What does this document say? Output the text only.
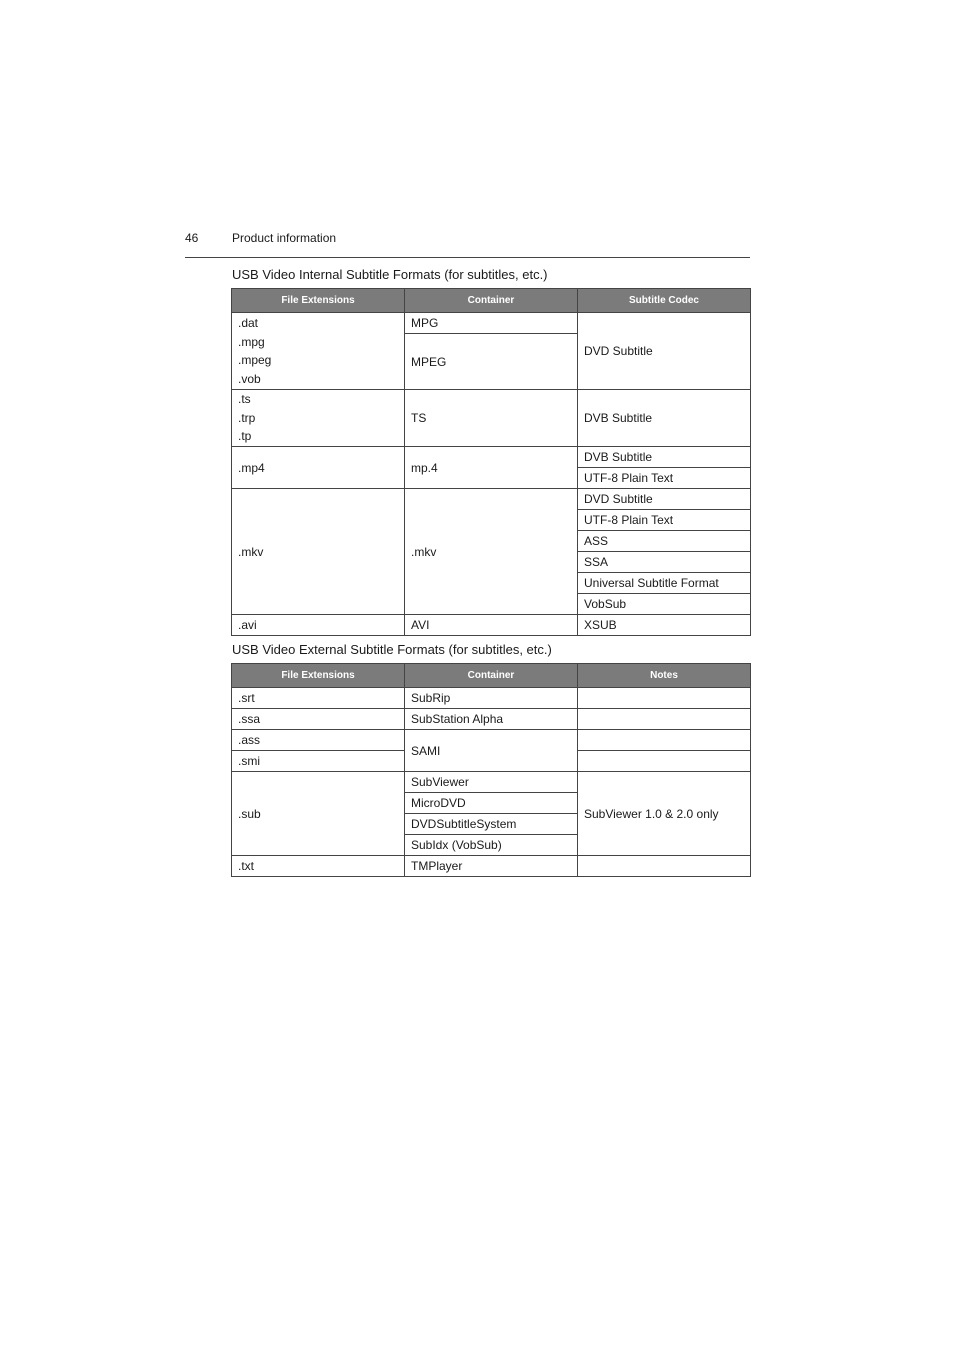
46	Product information
USB Video Internal Subtitle Formats (for subtitles, etc.)
File Extensions	Container	Subtitle Codec

.dat
.mpg
.mpeg
.vob	MPG	DVD Subtitle
	MPEG	

.ts
.trp
.tp	TS	DVB Subtitle
.mp4	mp.4	DVB Subtitle
		UTF-8 Plain Text
.mkv	.mkv	DVD Subtitle
		UTF-8 Plain Text
		ASS
		SSA
		Universal Subtitle Format
		VobSub
.avi	AVI	XSUB
USB Video External Subtitle Formats (for subtitles, etc.)
File Extensions	Container	Notes
.srt	SubRip	
.ssa	SubStation Alpha	
.ass	SAMI	
.smi		
.sub	SubViewer	SubViewer 1.0 & 2.0 only
	MicroDVD	
	DVDSubtitleSystem	
	SubIdx (VobSub)	
.txt	TMPlayer	
